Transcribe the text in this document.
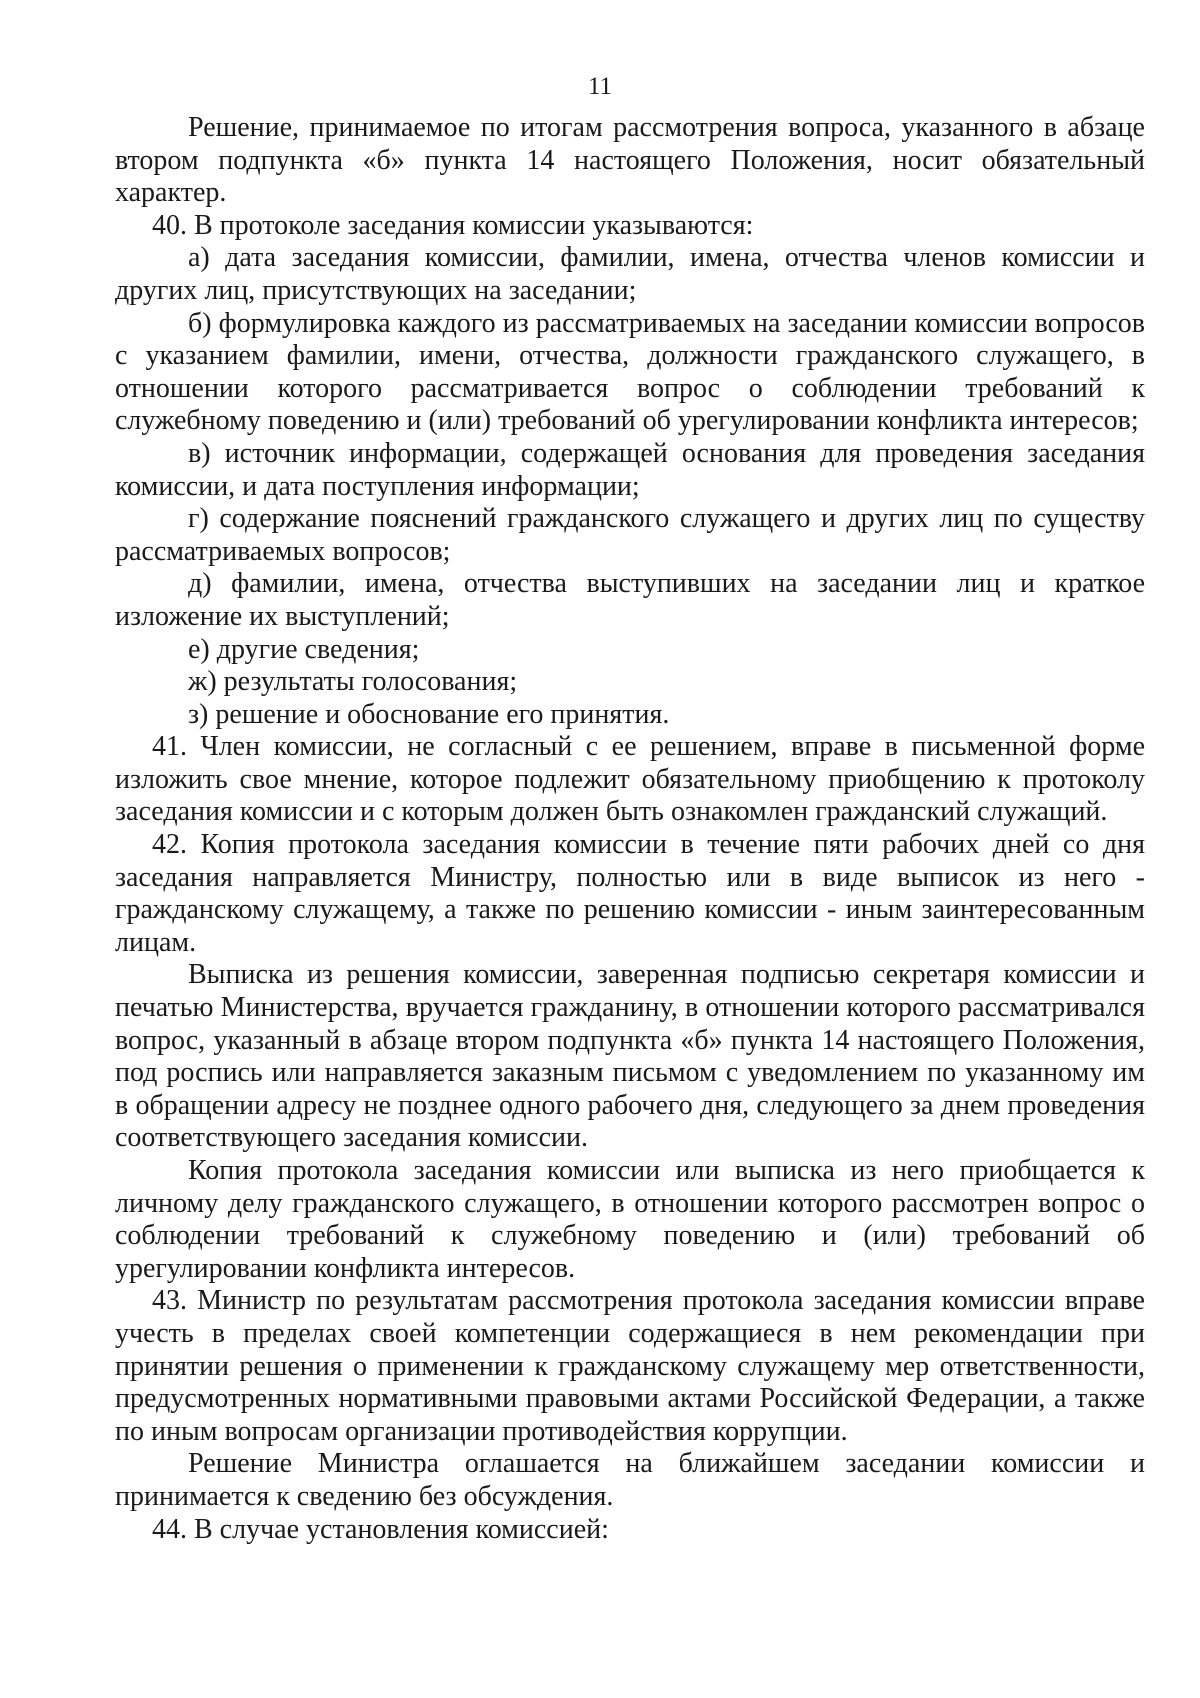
11

Решение, принимаемое по итогам рассмотрения вопроса, указанного в абзаце втором подпункта «б» пункта 14 настоящего Положения, носит обязательный характер.

40. В протоколе заседания комиссии указываются:

а) дата заседания комиссии, фамилии, имена, отчества членов комиссии и других лиц, присутствующих на заседании;

б) формулировка каждого из рассматриваемых на заседании комиссии вопросов с указанием фамилии, имени, отчества, должности гражданского служащего, в отношении которого рассматривается вопрос о соблюдении требований к служебному поведению и (или) требований об урегулировании конфликта интересов;

в) источник информации, содержащей основания для проведения заседания комиссии, и дата поступления информации;

г) содержание пояснений гражданского служащего и других лиц по существу рассматриваемых вопросов;

д) фамилии, имена, отчества выступивших на заседании лиц и краткое изложение их выступлений;

е) другие сведения;

ж) результаты голосования;

з) решение и обоснование его принятия.

41. Член комиссии, не согласный с ее решением, вправе в письменной форме изложить свое мнение, которое подлежит обязательному приобщению к протоколу заседания комиссии и с которым должен быть ознакомлен гражданский служащий.

42. Копия протокола заседания комиссии в течение пяти рабочих дней со дня заседания направляется Министру, полностью или в виде выписок из него - гражданскому служащему, а также по решению комиссии - иным заинтересованным лицам.

Выписка из решения комиссии, заверенная подписью секретаря комиссии и печатью Министерства, вручается гражданину, в отношении которого рассматривался вопрос, указанный в абзаце втором подпункта «б» пункта 14 настоящего Положения, под роспись или направляется заказным письмом с уведомлением по указанному им в обращении адресу не позднее одного рабочего дня, следующего за днем проведения соответствующего заседания комиссии.

Копия протокола заседания комиссии или выписка из него приобщается к личному делу гражданского служащего, в отношении которого рассмотрен вопрос о соблюдении требований к служебному поведению и (или) требований об урегулировании конфликта интересов.

43. Министр по результатам рассмотрения протокола заседания комиссии вправе учесть в пределах своей компетенции содержащиеся в нем рекомендации при принятии решения о применении к гражданскому служащему мер ответственности, предусмотренных нормативными правовыми актами Российской Федерации, а также по иным вопросам организации противодействия коррупции.

Решение Министра оглашается на ближайшем заседании комиссии и принимается к сведению без обсуждения.

44. В случае установления комиссией:
